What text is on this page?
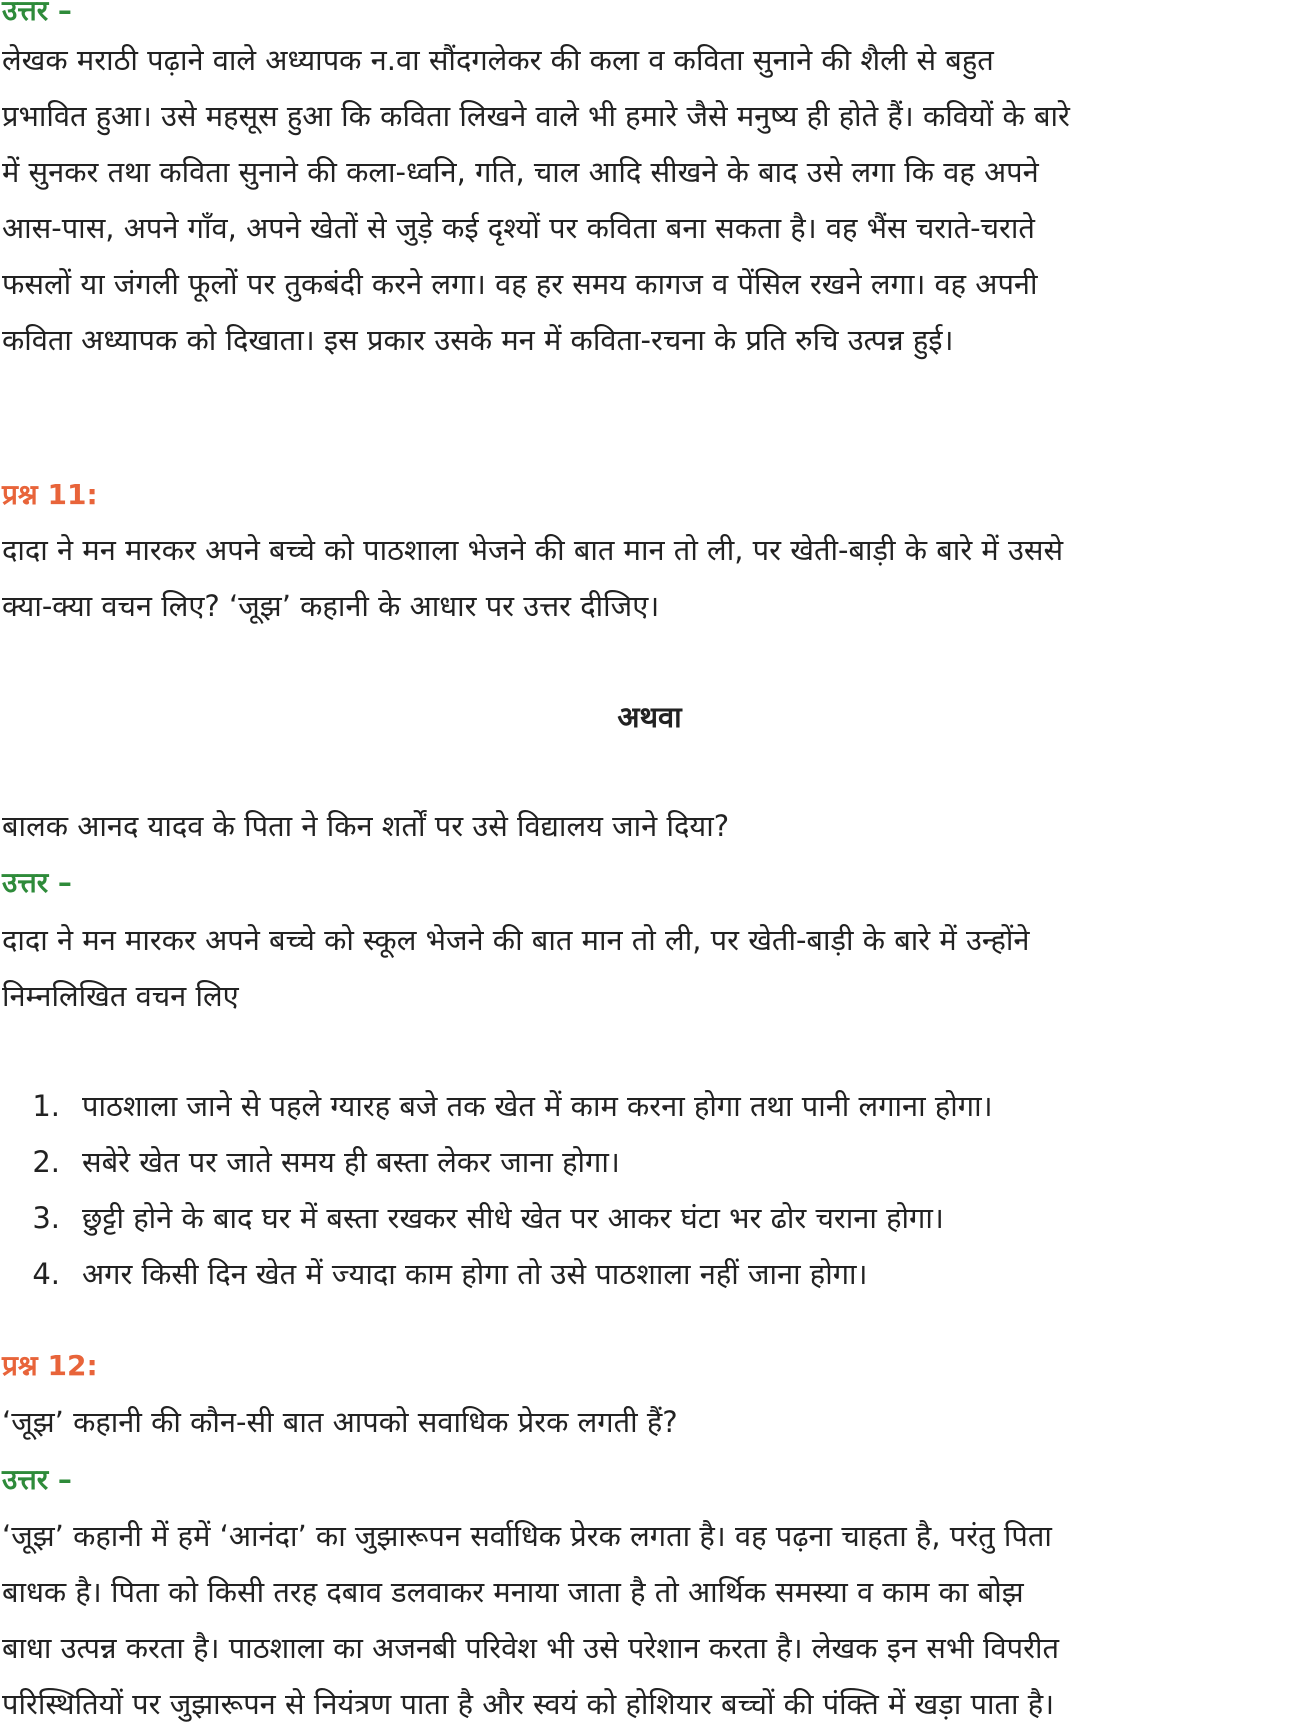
उत्तर –
लेखक मराठी पढ़ाने वाले अध्यापक न.वा सौंदगलेकर की कला व कविता सुनाने की शैली से बहुत
प्रभावित हुआ। उसे महसूस हुआ कि कविता लिखने वाले भी हमारे जैसे मनुष्य ही होते हैं। कवियों के बारे
में सुनकर तथा कविता सुनाने की कला-ध्वनि, गति, चाल आदि सीखने के बाद उसे लगा कि वह अपने
आस-पास, अपने गाँव, अपने खेतों से जुड़े कई दृश्यों पर कविता बना सकता है। वह भैंस चराते-चराते
फसलों या जंगली फूलों पर तुकबंदी करने लगा। वह हर समय कागज व पेंसिल रखने लगा। वह अपनी
कविता अध्यापक को दिखाता। इस प्रकार उसके मन में कविता-रचना के प्रति रुचि उत्पन्न हुई।
प्रश्न 11:
दादा ने मन मारकर अपने बच्चे को पाठशाला भेजने की बात मान तो ली, पर खेती-बाड़ी के बारे में उससे
क्या-क्या वचन लिए? ‘जूझ’ कहानी के आधार पर उत्तर दीजिए।
अथवा
बालक आनद यादव के पिता ने किन शर्तों पर उसे विद्यालय जाने दिया?
उत्तर –
दादा ने मन मारकर अपने बच्चे को स्कूल भेजने की बात मान तो ली, पर खेती-बाड़ी के बारे में उन्होंने
निम्नलिखित वचन लिए
1. पाठशाला जाने से पहले ग्यारह बजे तक खेत में काम करना होगा तथा पानी लगाना होगा।
2. सबेरे खेत पर जाते समय ही बस्ता लेकर जाना होगा।
3. छुट्टी होने के बाद घर में बस्ता रखकर सीधे खेत पर आकर घंटा भर ढोर चराना होगा।
4. अगर किसी दिन खेत में ज्यादा काम होगा तो उसे पाठशाला नहीं जाना होगा।
प्रश्न 12:
‘जूझ’ कहानी की कौन-सी बात आपको सवाधिक प्रेरक लगती हैं?
उत्तर –
‘जूझ’ कहानी में हमें ‘आनंदा’ का जुझारूपन सर्वाधिक प्रेरक लगता है। वह पढ़ना चाहता है, परंतु पिता
बाधक है। पिता को किसी तरह दबाव डलवाकर मनाया जाता है तो आर्थिक समस्या व काम का बोझ
बाधा उत्पन्न करता है। पाठशाला का अजनबी परिवेश भी उसे परेशान करता है। लेखक इन सभी विपरीत
परिस्थितियों पर जुझारूपन से नियंत्रण पाता है और स्वयं को होशियार बच्चों की पंक्ति में खड़ा पाता है।
